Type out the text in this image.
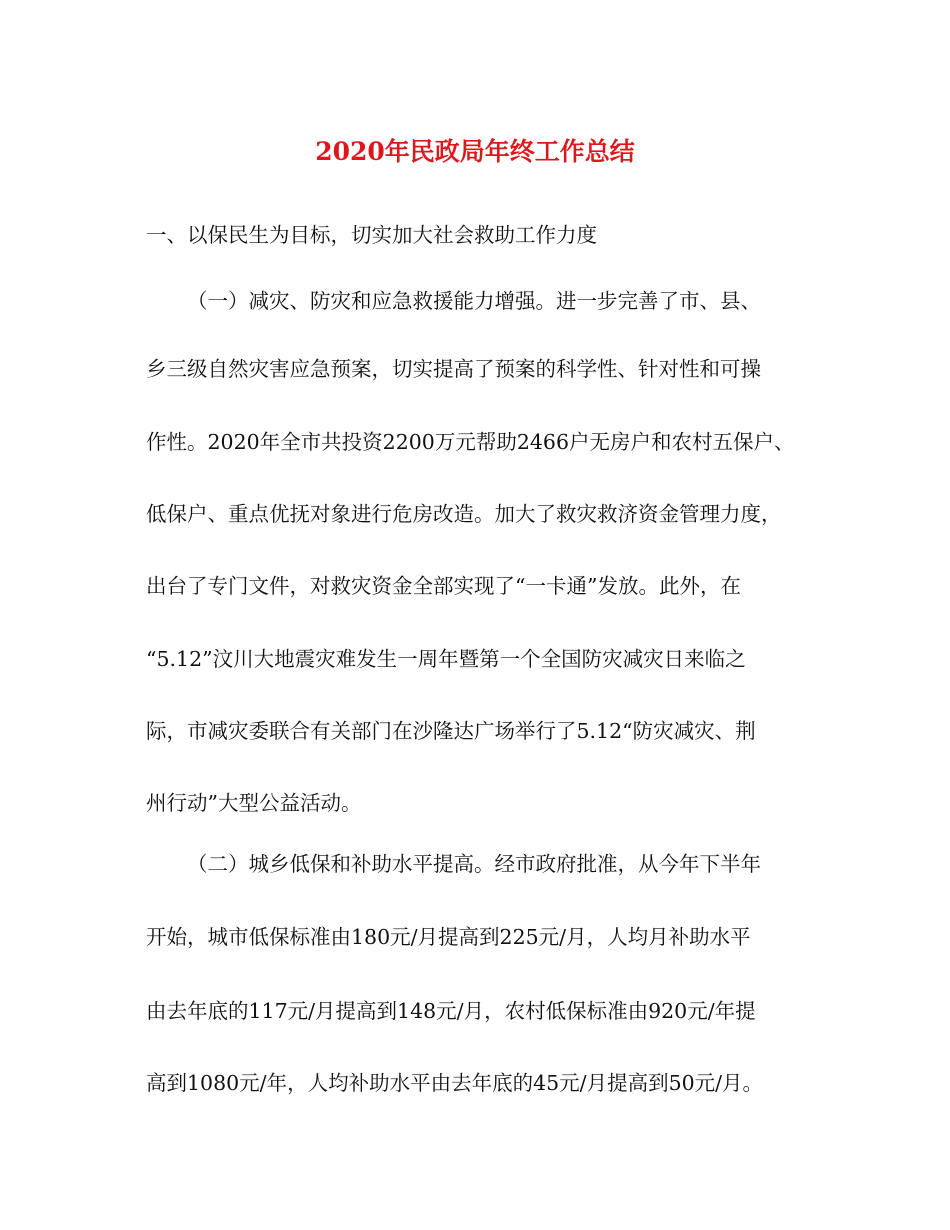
2020年民政局年终工作总结
一、以保民生为目标，切实加大社会救助工作力度
（一）减灾、防灾和应急救援能力增强。进一步完善了市、县、
乡三级自然灾害应急预案，切实提高了预案的科学性、针对性和可操
作性。2020年全市共投资2200万元帮助2466户无房户和农村五保户、
低保户、重点优抚对象进行危房改造。加大了救灾救济资金管理力度，
出台了专门文件，对救灾资金全部实现了“一卡通”发放。此外，在
“5.12”汶川大地震灾难发生一周年暨第一个全国防灾减灾日来临之
际，市减灾委联合有关部门在沙隆达广场举行了5.12“防灾减灾、荆
州行动”大型公益活动。
（二）城乡低保和补助水平提高。经市政府批准，从今年下半年
开始，城市低保标准由180元/月提高到225元/月，人均月补助水平
由去年底的117元/月提高到148元/月，农村低保标准由920元/年提
高到1080元/年，人均补助水平由去年底的45元/月提高到50元/月。
